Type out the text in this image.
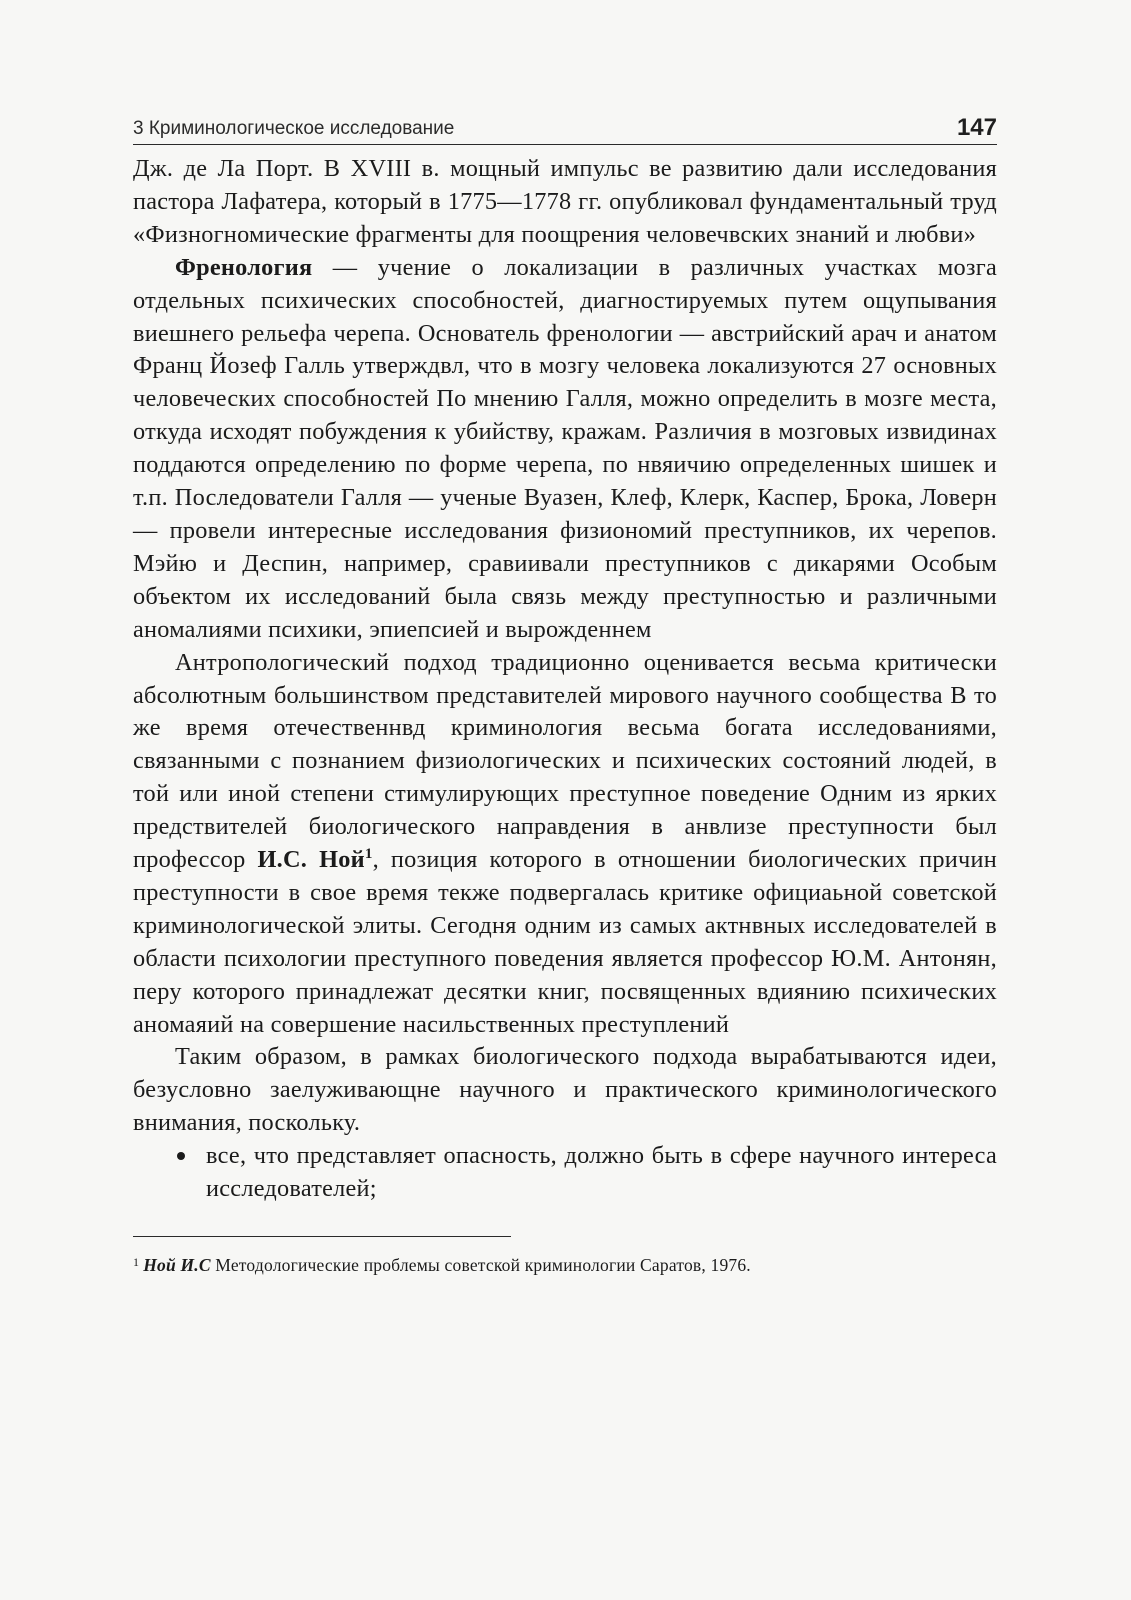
3 Криминологическое исследование	147

Дж. де Ла Порт. В XVIII в. мощный импульс ве развитию дали исследования пастора Лафатера, который в 1775—1778 гг. опубликовал фундаментальный труд «Физногномические фрагменты для поощрения человечвских знаний и любви»

Френология — учение о локализации в различных участках мозга отдельных психических способностей, диагностируемых путем ощупывания виешнего рельефа черепа. Основатель френологии — австрийский арач и анатом Франц Йозеф Галль утверждвл, что в мозгу человека локализуются 27 основных человеческих способностей По мнению Галля, можно определить в мозге места, откуда исходят побуждения к убийству, кражам. Различия в мозговых извидинах поддаются определению по форме черепа, по нвяичию определенных шишек и т.п. Последователи Галля — ученые Вуазен, Клеф, Клерк, Каспер, Брока, Ловерн — провели интересные исследования физиономий преступников, их черепов. Мэйю и Деспин, например, сравиивали преступников с дикарями Особым объектом их исследований была связь между преступностью и различными аномалиями психики, эпиепсией и вырожденнем

Антропологический подход традиционно оценивается весьма критически абсолютным большинством представителей мирового научного сообщества В то же время отечественнвд криминология весьма богата исследованиями, связанными с познанием физиологических и психических состояний людей, в той или иной степени стимулирующих преступное поведение Одним из ярких предствителей биологического направдения в анвлизе преступности был профессор И.С. Ной$^1$, позиция которого в отношении биологических причин преступности в свое время текже подвергалась критике официаьной советской криминологической элиты. Сегодня одним из самых актнвных исследователей в области психологии преступного поведения является профессор Ю.М. Антонян, перу которого принадлежат десятки книг, посвященных вдиянию психических аномаяий на совершение насильственных преступлений

Таким образом, в рамках биологического подхода вырабатываются идеи, безусловно заелуживающне научного и практического криминологического внимания, поскольку.

все, что представляет опасность, должно быть в сфере научного интереса исследователей;
$^1$ Ной И.С Методологические проблемы советской криминологии Саратов, 1976.
